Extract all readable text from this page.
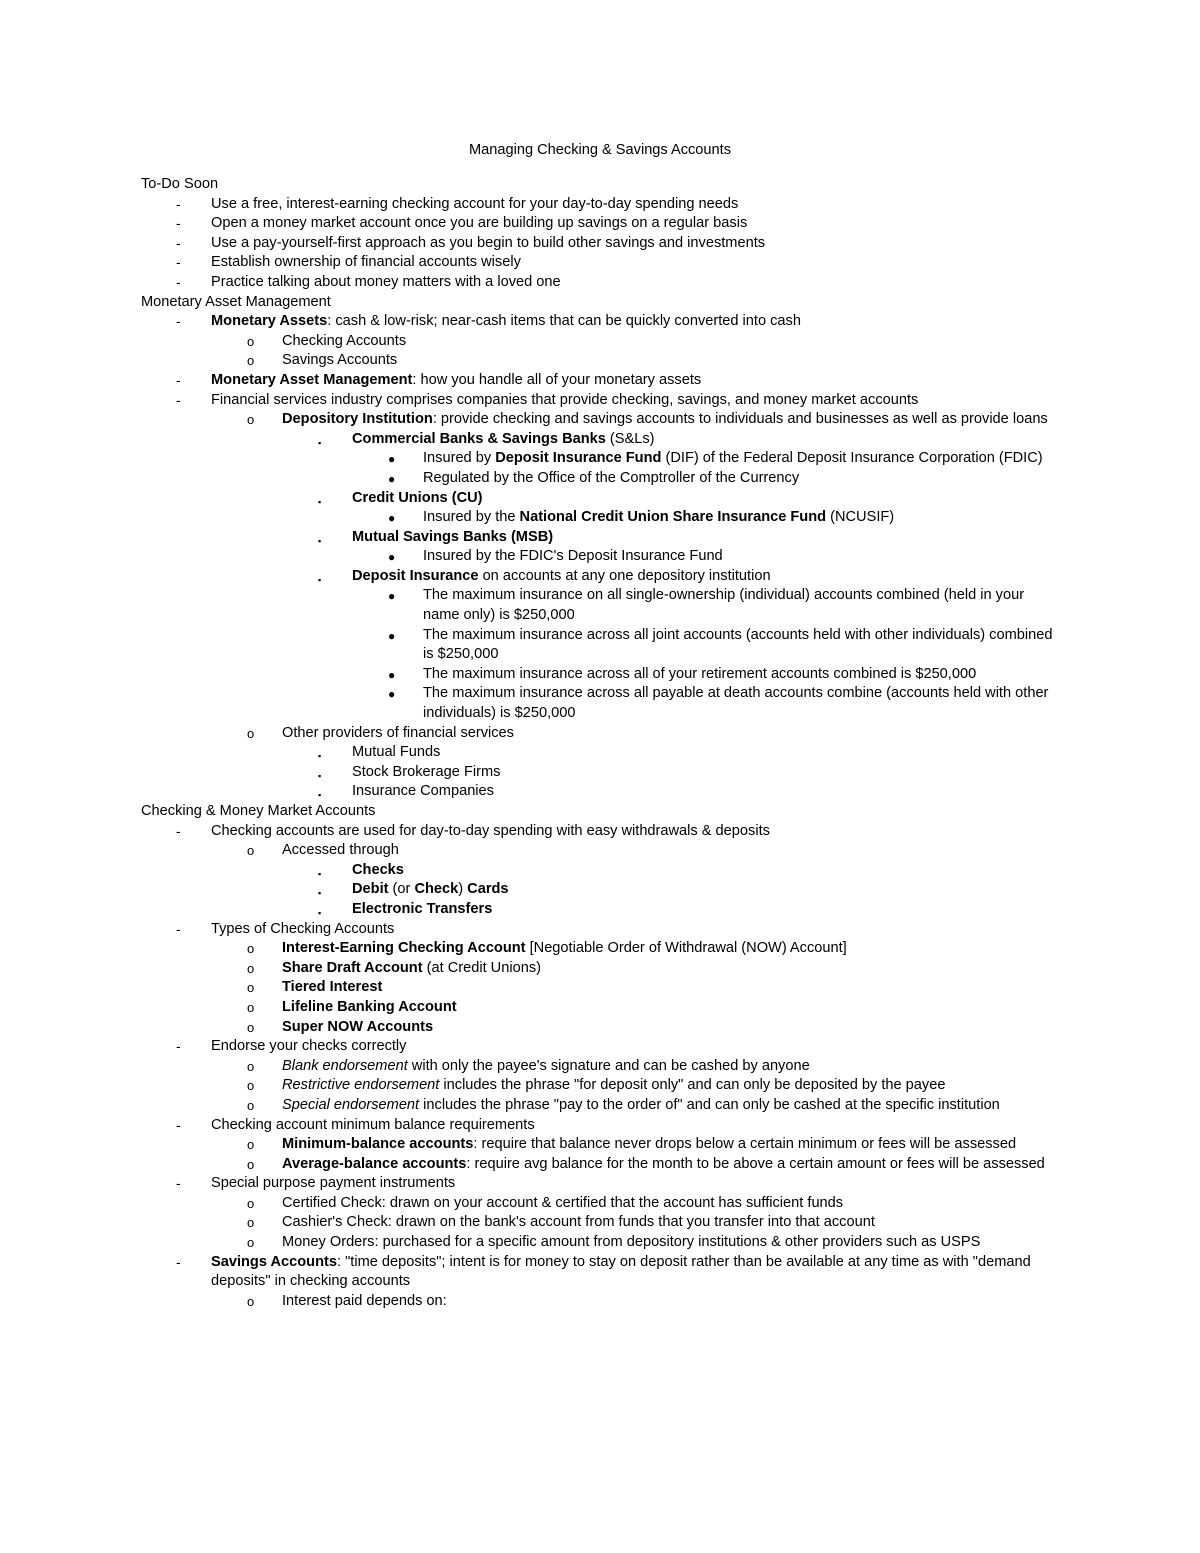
Managing Checking & Savings Accounts
To-Do Soon
- Use a free, interest-earning checking account for your day-to-day spending needs
- Open a money market account once you are building up savings on a regular basis
- Use a pay-yourself-first approach as you begin to build other savings and investments
- Establish ownership of financial accounts wisely
- Practice talking about money matters with a loved one
Monetary Asset Management
- Monetary Assets: cash & low-risk; near-cash items that can be quickly converted into cash
o Checking Accounts
o Savings Accounts
- Monetary Asset Management: how you handle all of your monetary assets
- Financial services industry comprises companies that provide checking, savings, and money market accounts
o Depository Institution: provide checking and savings accounts to individuals and businesses as well as provide loans
▪ Commercial Banks & Savings Banks (S&Ls)
● Insured by Deposit Insurance Fund (DIF) of the Federal Deposit Insurance Corporation (FDIC)
● Regulated by the Office of the Comptroller of the Currency
▪ Credit Unions (CU)
● Insured by the National Credit Union Share Insurance Fund (NCUSIF)
▪ Mutual Savings Banks (MSB)
● Insured by the FDIC's Deposit Insurance Fund
▪ Deposit Insurance on accounts at any one depository institution
● The maximum insurance on all single-ownership (individual) accounts combined (held in your name only) is $250,000
● The maximum insurance across all joint accounts (accounts held with other individuals) combined is $250,000
● The maximum insurance across all of your retirement accounts combined is $250,000
● The maximum insurance across all payable at death accounts combine (accounts held with other individuals) is $250,000
o Other providers of financial services
▪ Mutual Funds
▪ Stock Brokerage Firms
▪ Insurance Companies
Checking & Money Market Accounts
- Checking accounts are used for day-to-day spending with easy withdrawals & deposits
o Accessed through
▪ Checks
▪ Debit (or Check) Cards
▪ Electronic Transfers
- Types of Checking Accounts
o Interest-Earning Checking Account [Negotiable Order of Withdrawal (NOW) Account]
o Share Draft Account (at Credit Unions)
o Tiered Interest
o Lifeline Banking Account
o Super NOW Accounts
- Endorse your checks correctly
o Blank endorsement with only the payee's signature and can be cashed by anyone
o Restrictive endorsement includes the phrase "for deposit only" and can only be deposited by the payee
o Special endorsement includes the phrase "pay to the order of" and can only be cashed at the specific institution
- Checking account minimum balance requirements
o Minimum-balance accounts: require that balance never drops below a certain minimum or fees will be assessed
o Average-balance accounts: require avg balance for the month to be above a certain amount or fees will be assessed
- Special purpose payment instruments
o Certified Check: drawn on your account & certified that the account has sufficient funds
o Cashier's Check: drawn on the bank's account from funds that you transfer into that account
o Money Orders: purchased for a specific amount from depository institutions & other providers such as USPS
- Savings Accounts: "time deposits"; intent is for money to stay on deposit rather than be available at any time as with "demand deposits" in checking accounts
o Interest paid depends on:
